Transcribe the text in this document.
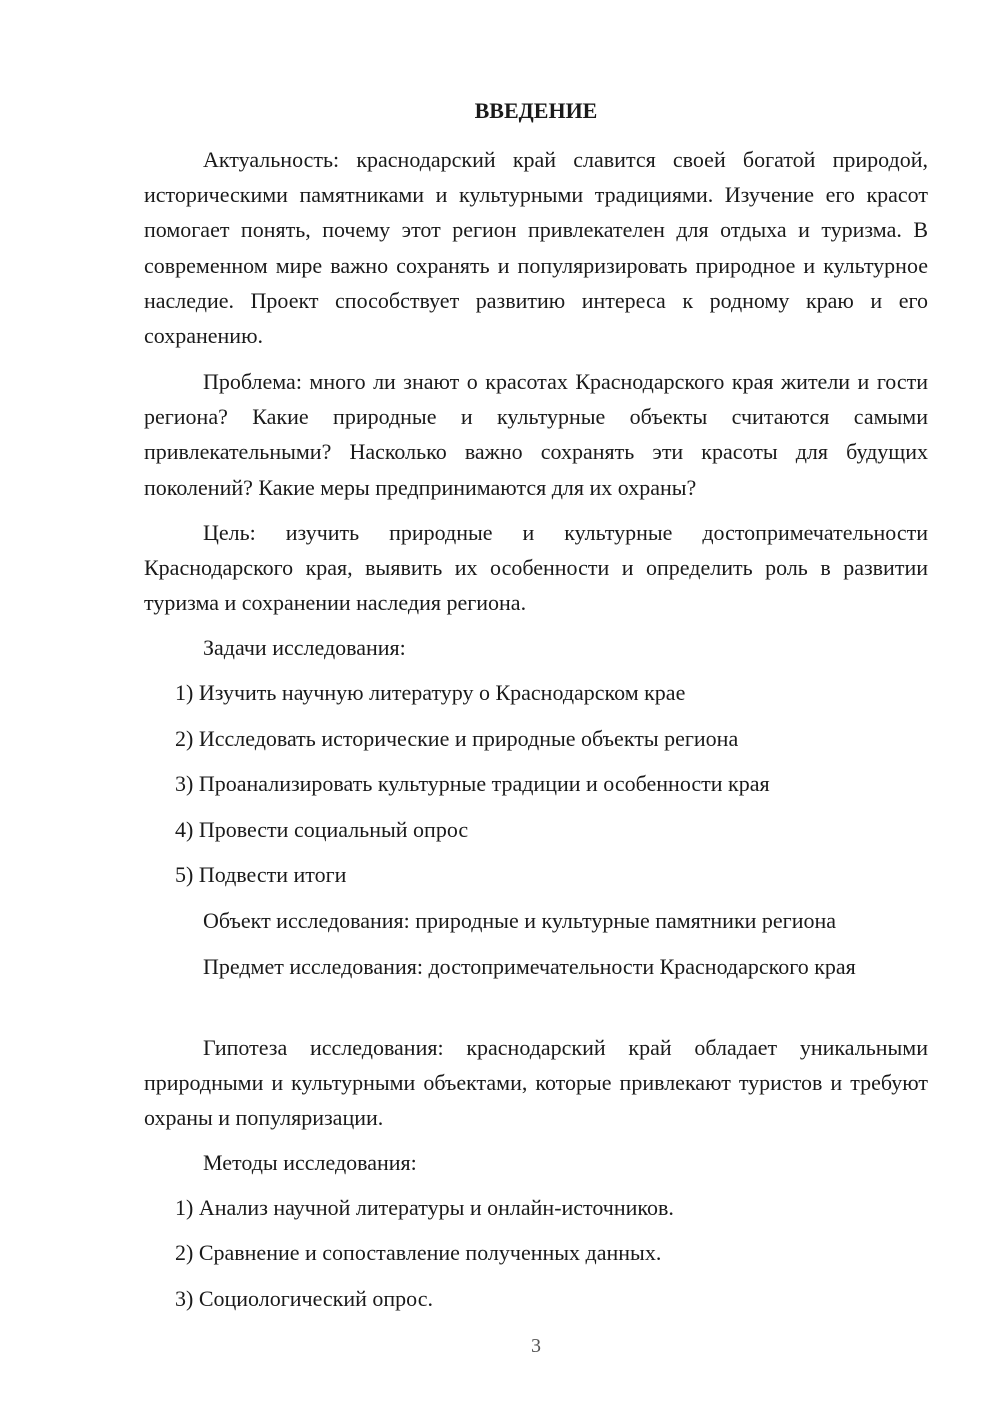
ВВЕДЕНИЕ

Актуальность: краснодарский край славится своей богатой природой, историческими памятниками и культурными традициями. Изучение его красот помогает понять, почему этот регион привлекателен для отдыха и туризма. В современном мире важно сохранять и популяризировать природное и культурное наследие. Проект способствует развитию интереса к родному краю и его сохранению.

Проблема: много ли знают о красотах Краснодарского края жители и гости региона? Какие природные и культурные объекты считаются самыми привлекательными? Насколько важно сохранять эти красоты для будущих поколений? Какие меры предпринимаются для их охраны?

Цель: изучить природные и культурные достопримечательности Краснодарского края, выявить их особенности и определить роль в развитии туризма и сохранении наследия региона.

Задачи исследования:

1) Изучить научную литературу о Краснодарском крае

2) Исследовать исторические и природные объекты региона

3) Проанализировать культурные традиции и особенности края

4) Провести социальный опрос

5) Подвести итоги

Объект исследования: природные и культурные памятники региона

Предмет исследования: достопримечательности Краснодарского края

Гипотеза исследования: краснодарский край обладает уникальными природными и культурными объектами, которые привлекают туристов и требуют охраны и популяризации.

Методы исследования:

1) Анализ научной литературы и онлайн-источников.

2) Сравнение и сопоставление полученных данных.

3) Социологический опрос.

3
